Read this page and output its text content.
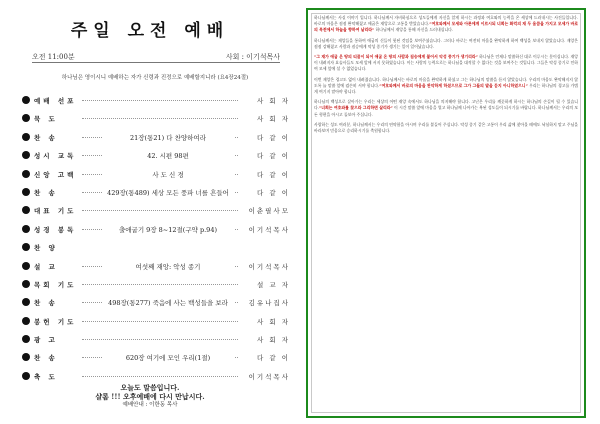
주일 오전 예배
오전 11:00분	사회 : 이기석목사
하나님은 영이시니 예배하는 자가 신령과 진정으로 예배할지니라 (요4장24절)
예배 선포	사 회 자
묵 도	사 회 자
찬 송	21장(통21) 다 찬양하여라	다 같 이
성시 교독	42. 시편 98편	다 같 이
신앙 고백	사 도 신 경	다 같 이
찬 송	429장(통489) 세상 모든 풍파 너를 흔들어	다 같 이
대표 기도	이춘필사모
성경 봉독	출애굽기 9장 8~12절(구약 p.94)	이기석목사
찬 양
설 교	여섯째 재앙: 악성 종기	이기석목사
목회 기도	설 교 자
찬 송	498장(통277) 죽음에 사는 백성들을 보라	김유나집사
봉헌 기도	사 회 자
광 고	사 회 자
찬 송	620장 여기에 모인 우리(1절)	다 같 이
축 도	이기석목사
오늘도 말씀입니다.
샬롬 !!! 오후예배에 다시 만납시다.
예배안내 : 이한동 목사

하나님께서는 사실 이야기 입니다. 하나님께서 자비하심으로 성도들에게 자신을 알게 하시는 과정과 여호와의 능력을 온 세상에 드러내시는 사건들입니다. 바로의 마음은 점점 완악해졌고 애굽은 재앙으로 고통을 받았습니다.“여호와께서 모세와 아론에게 이르시되 너희는 화덕의 재 두 움큼을 가지고 모세가 바로의 목전에서 하늘을 향하여 날리라” 하나님께서 재앙을 통해 자신을 드러내십니다.

하나님께서는 재앙들을 통하여 애굽의 신들이 헛된 것임을 보여주셨습니다. 그러나 바로는 여전히 마음을 완악하게 하여 백성을 보내지 않았습니다. 재앙은 점점 강해졌고 사람과 짐승에게 악성 종기가 생기는 일이 일어났습니다.

“그 재가 애굽 온 땅의 티끌이 되어 애굽 온 땅의 사람과 짐승에게 붙어서 악성 종기가 생기리라” 하나님은 언제나 말씀하신 대로 이루시는 분이십니다. 재앙이 내려지자 요술사들도 모세 앞에 서지 못하였습니다. 이는 사람의 능력으로는 하나님을 대적할 수 없다는 것을 보여주는 것입니다. 그들은 악성 종기로 인하여 모세 앞에 설 수 없었습니다.

이번 재앙은 경고도 없이 내려졌습니다. 하나님께서는 바로의 마음을 완악하게 하셨고 그는 하나님의 말씀을 듣지 않았습니다. 우리의 마음도 완악해지지 않도록 늘 말씀 앞에 겸손히 서야 합니다.“여호와께서 바로의 마음을 완악하게 하셨으므로 그가 그들의 말을 듣지 아니하였으니” 우리는 하나님의 경고를 가볍게 여기지 말아야 합니다.

하나님의 백성으로 살아가는 우리는 세상의 어떤 재앙 속에서도 하나님을 의지해야 합니다. 고난은 우리를 깨끗하게 하시는 하나님의 손길이 될 수 있습니다.“너희는 여호와를 찾으라 그리하면 살리라” 이 시간 말씀 앞에 마음을 열고 하나님께 나아가는 복된 성도들이 되시기를 바랍니다. 하나님께서는 우리의 모든 형편을 아시고 돌보아 주십니다.

사랑하는 성도 여러분, 하나님께서는 우리의 연약함을 아시며 우리를 붙들어 주십니다. 악성 종기 같은 고통이 우리 삶에 찾아올 때에도 낙심하지 말고 주님을 바라보며 믿음으로 승리하시기를 축원합니다.
